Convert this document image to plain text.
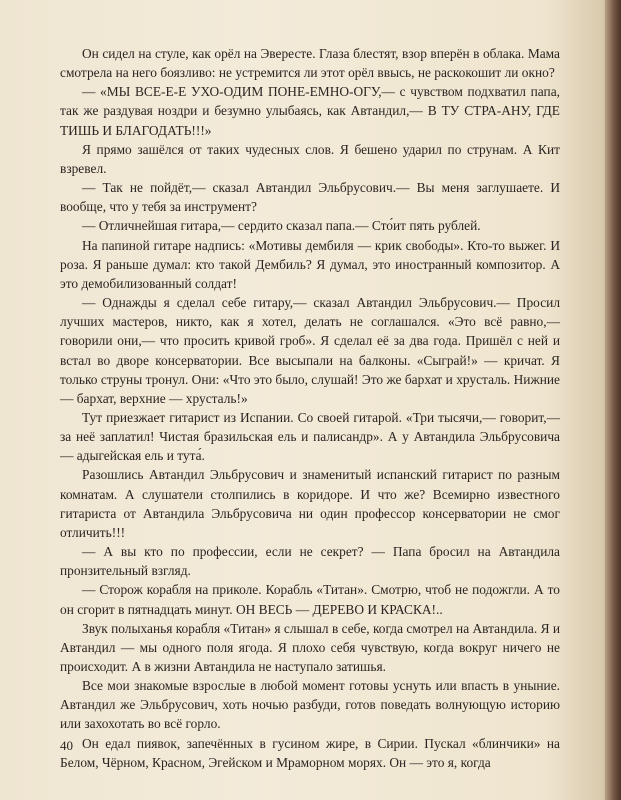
Он сидел на стуле, как орёл на Эвересте. Глаза блестят, взор вперён в облака. Мама смотрела на него боязливо: не устремится ли этот орёл ввысь, не раскокошит ли окно?

— «МЫ ВСЕ-Е-Е УХО-ОДИМ ПОНЕ-ЕМНО-ОГУ,— с чувством подхватил папа, так же раздувая ноздри и безумно улыбаясь, как Автандил,— В ТУ СТРА-АНУ, ГДЕ ТИШЬ И БЛАГОДАТЬ!!!»

Я прямо зашёлся от таких чудесных слов. Я бешено ударил по струнам. А Кит взревел.

— Так не пойдёт,— сказал Автандил Эльбрусович.— Вы меня заглушаете. И вообще, что у тебя за инструмент?

— Отличнейшая гитара,— сердито сказал папа.— Сто́ит пять рублей.

На папиной гитаре надпись: «Мотивы дембиля — крик свободы». Кто-то выжег. И роза. Я раньше думал: кто такой Дембиль? Я думал, это иностранный композитор. А это демобилизованный солдат!

— Однажды я сделал себе гитару,— сказал Автандил Эльбрусович.— Просил лучших мастеров, никто, как я хотел, делать не соглашался. «Это всё равно,— говорили они,— что просить кривой гроб». Я сделал её за два года. Пришёл с ней и встал во дворе консерватории. Все высыпали на балконы. «Сыграй!» — кричат. Я только струны тронул. Они: «Что это было, слушай! Это же бархат и хрусталь. Нижние — бархат, верхние — хрусталь!»

Тут приезжает гитарист из Испании. Со своей гитарой. «Три тысячи,— говорит,— за неё заплатил! Чистая бразильская ель и палисандр». А у Автандила Эльбрусовича — адыгейская ель и тута́.

Разошлись Автандил Эльбрусович и знаменитый испанский гитарист по разным комнатам. А слушатели столпились в коридоре. И что же? Всемирно известного гитариста от Автандила Эльбрусовича ни один профессор консерватории не смог отличить!!!

— А вы кто по профессии, если не секрет? — Папа бросил на Автандила пронзительный взгляд.

— Сторож корабля на приколе. Корабль «Титан». Смотрю, чтоб не подожгли. А то он сгорит в пятнадцать минут. ОН ВЕСЬ — ДЕРЕВО И КРАСКА!..

Звук полыханья корабля «Титан» я слышал в себе, когда смотрел на Автандила. Я и Автандил — мы одного поля ягода. Я плохо себя чувствую, когда вокруг ничего не происходит. А в жизни Автандила не наступало затишья.

Все мои знакомые взрослые в любой момент готовы уснуть или впасть в уныние. Автандил же Эльбрусович, хоть ночью разбуди, готов поведать волнующую историю или захохотать во всё горло.

Он едал пиявок, запечённых в гусином жире, в Сирии. Пускал «блинчики» на Белом, Чёрном, Красном, Эгейском и Мраморном морях. Он — это я, когда

40
